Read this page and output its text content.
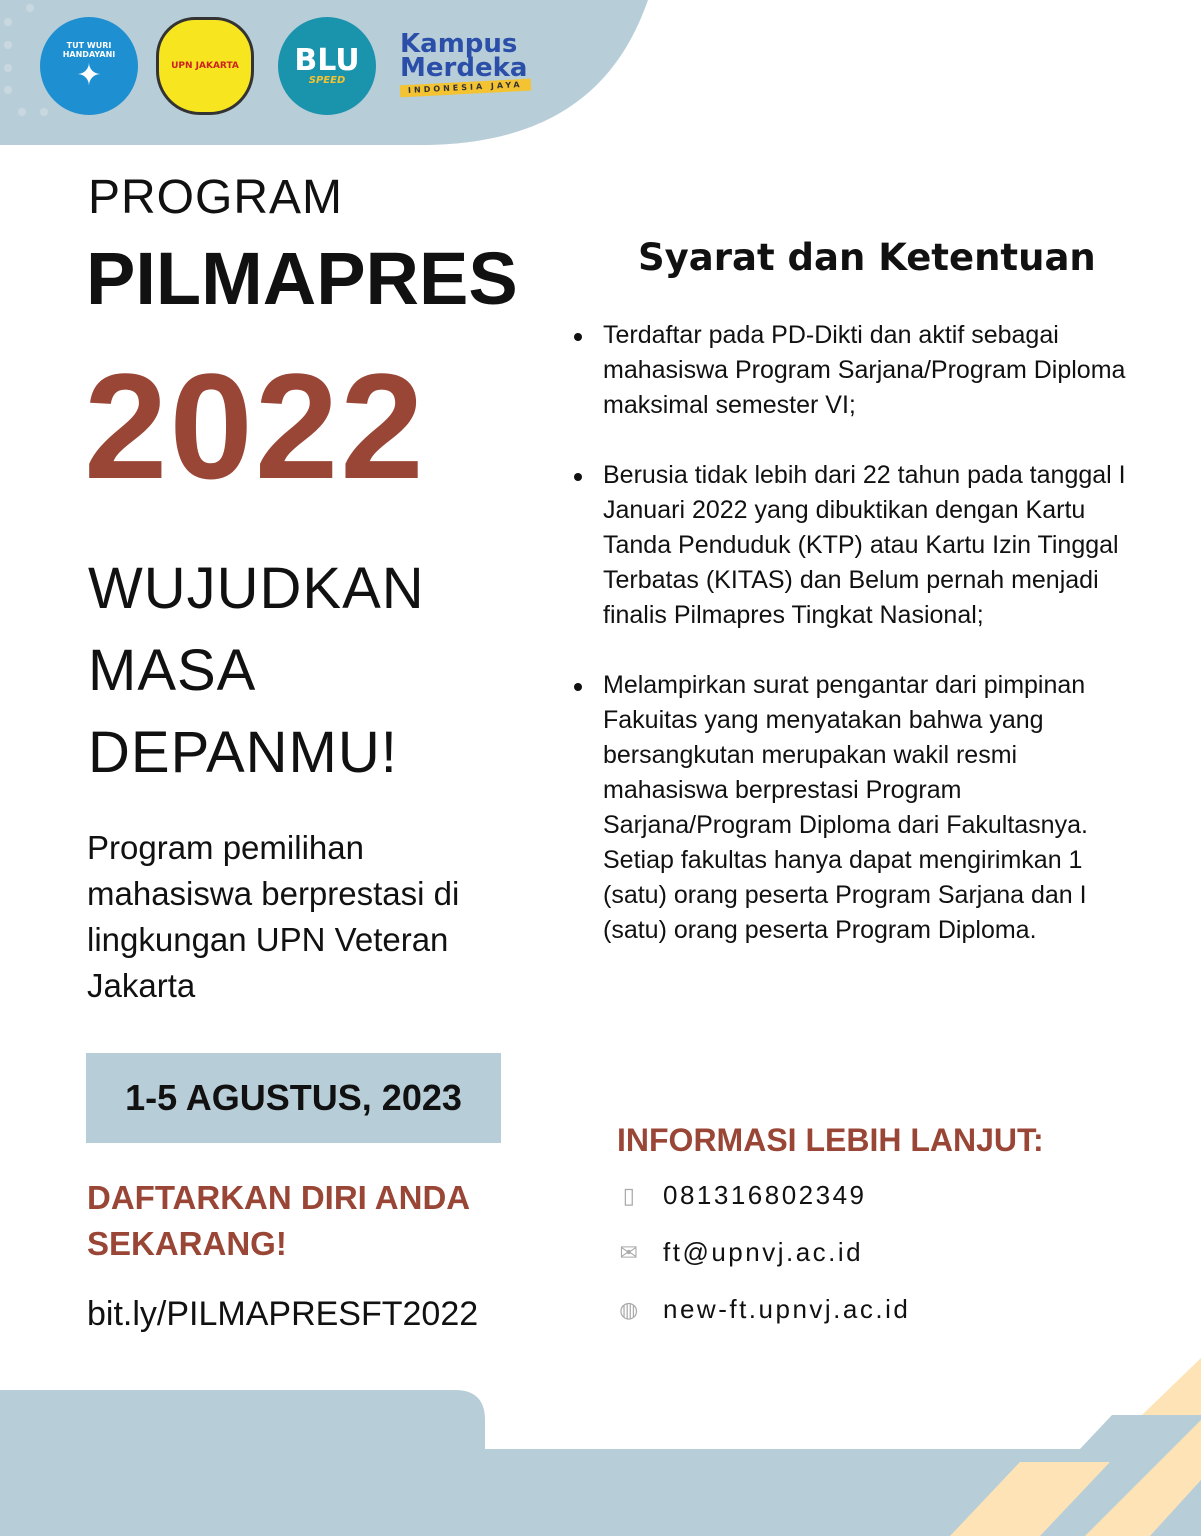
TUT WURI HANDAYANI
✦	UPN JAKARTA	BLU
SPEED
Kampus
Merdeka
INDONESIA JAYA
PROGRAM
PILMAPRES
2022
WUJUDKAN
MASA
DEPANMU!
Program pemilihan mahasiswa berprestasi di lingkungan UPN Veteran Jakarta
1-5 AGUSTUS, 2023
DAFTARKAN DIRI ANDA SEKARANG!
bit.ly/PILMAPRESFT2022
Syarat dan Ketentuan
Terdaftar pada PD-Dikti dan aktif sebagai mahasiswa Program Sarjana/Program Diploma maksimal semester VI;
Berusia tidak lebih dari 22 tahun pada tanggal I Januari 2022 yang dibuktikan dengan Kartu Tanda Penduduk (KTP) atau Kartu Izin Tinggal Terbatas (KITAS) dan Belum pernah menjadi finalis Pilmapres Tingkat Nasional;
Melampirkan surat pengantar dari pimpinan Fakuitas yang menyatakan bahwa yang bersangkutan merupakan wakil resmi mahasiswa berprestasi Program Sarjana/Program Diploma dari Fakultasnya. Setiap fakultas hanya dapat mengirimkan 1 (satu) orang peserta Program Sarjana dan I (satu) orang peserta Program Diploma.
INFORMASI LEBIH LANJUT:
▯ 081316802349
✉ ft@upnvj.ac.id
◍ new-ft.upnvj.ac.id
